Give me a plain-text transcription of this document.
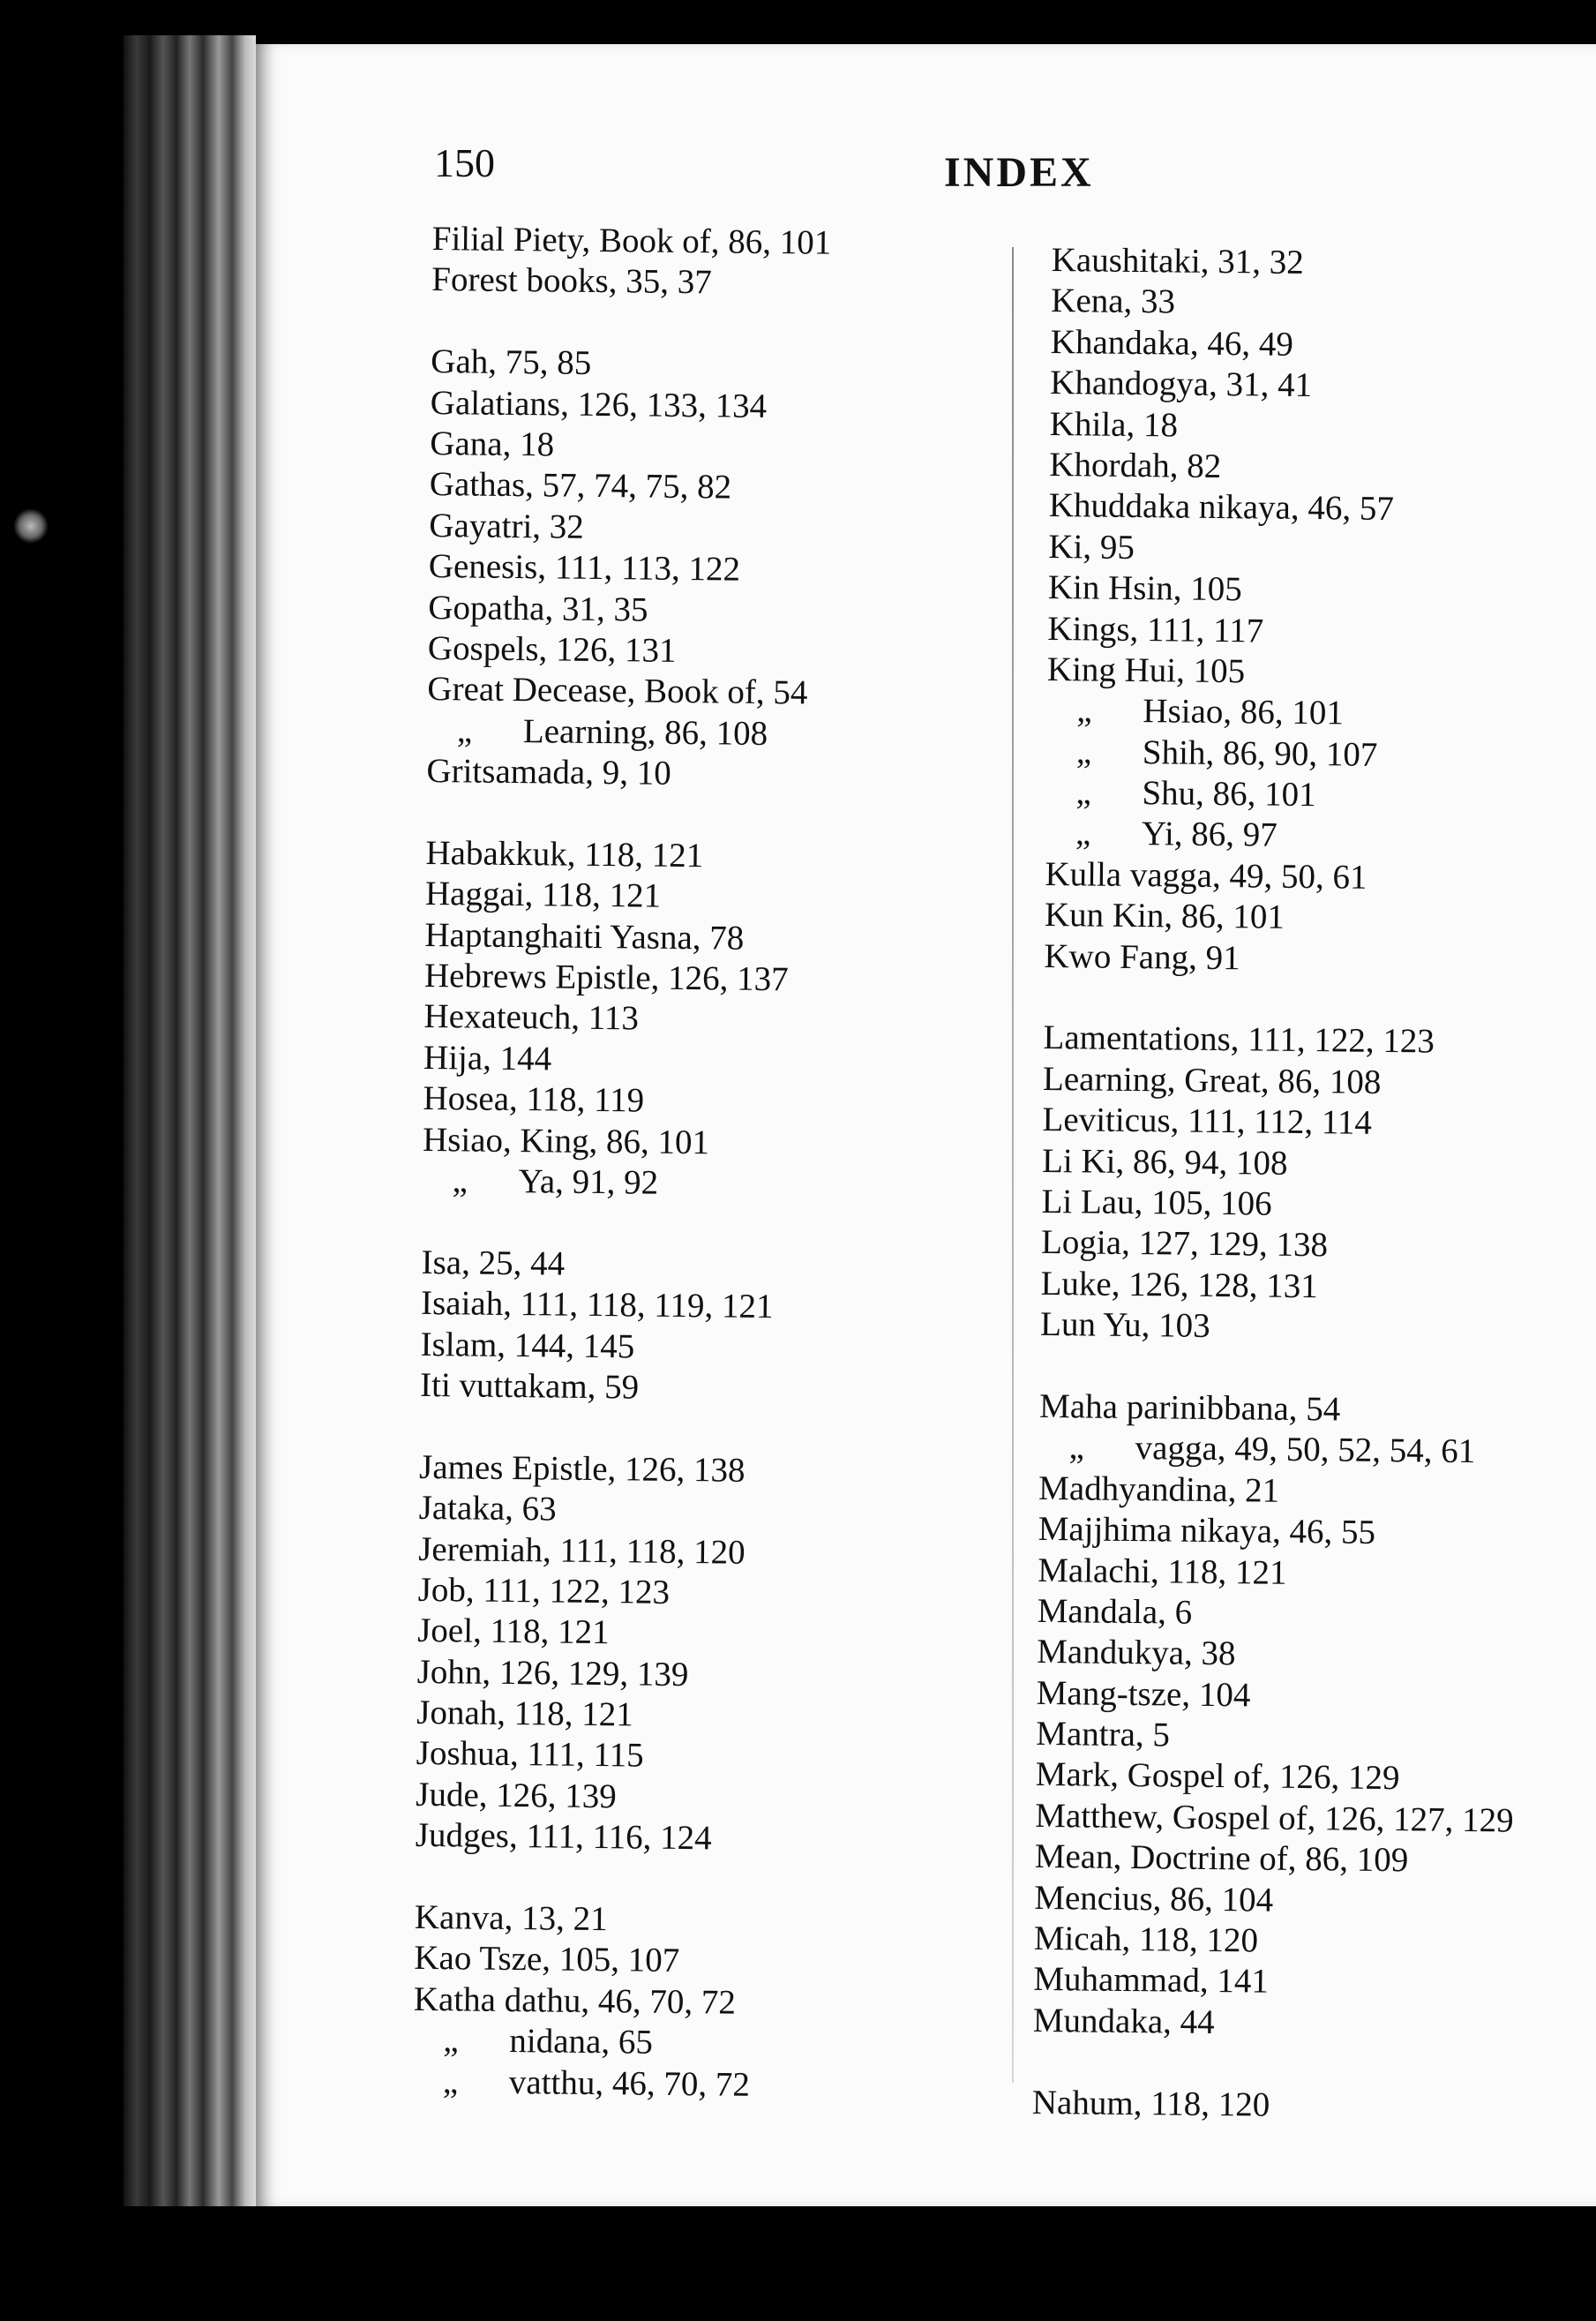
150	INDEX
Filial Piety, Book of, 86, 101
Forest books, 35, 37
Gah, 75, 85
Galatians, 126, 133, 134
Gana, 18
Gathas, 57, 74, 75, 82
Gayatri, 32
Genesis, 111, 113, 122
Gopatha, 31, 35
Gospels, 126, 131
Great Decease, Book of, 54
„ Learning, 86, 108
Gritsamada, 9, 10
Habakkuk, 118, 121
Haggai, 118, 121
Haptanghaiti Yasna, 78
Hebrews Epistle, 126, 137
Hexateuch, 113
Hija, 144
Hosea, 118, 119
Hsiao, King, 86, 101
„ Ya, 91, 92
Isa, 25, 44
Isaiah, 111, 118, 119, 121
Islam, 144, 145
Iti vuttakam, 59
James Epistle, 126, 138
Jataka, 63
Jeremiah, 111, 118, 120
Job, 111, 122, 123
Joel, 118, 121
John, 126, 129, 139
Jonah, 118, 121
Joshua, 111, 115
Jude, 126, 139
Judges, 111, 116, 124
Kanva, 13, 21
Kao Tsze, 105, 107
Katha dathu, 46, 70, 72
„ nidana, 65
„ vatthu, 46, 70, 72
Kaushitaki, 31, 32
Kena, 33
Khandaka, 46, 49
Khandogya, 31, 41
Khila, 18
Khordah, 82
Khuddaka nikaya, 46, 57
Ki, 95
Kin Hsin, 105
Kings, 111, 117
King Hui, 105
„ Hsiao, 86, 101
„ Shih, 86, 90, 107
„ Shu, 86, 101
„ Yi, 86, 97
Kulla vagga, 49, 50, 61
Kun Kin, 86, 101
Kwo Fang, 91
Lamentations, 111, 122, 123
Learning, Great, 86, 108
Leviticus, 111, 112, 114
Li Ki, 86, 94, 108
Li Lau, 105, 106
Logia, 127, 129, 138
Luke, 126, 128, 131
Lun Yu, 103
Maha parinibbana, 54
„ vagga, 49, 50, 52, 54, 61
Madhyandina, 21
Majjhima nikaya, 46, 55
Malachi, 118, 121
Mandala, 6
Mandukya, 38
Mang-tsze, 104
Mantra, 5
Mark, Gospel of, 126, 129
Matthew, Gospel of, 126, 127, 129
Mean, Doctrine of, 86, 109
Mencius, 86, 104
Micah, 118, 120
Muhammad, 141
Mundaka, 44
Nahum, 118, 120
